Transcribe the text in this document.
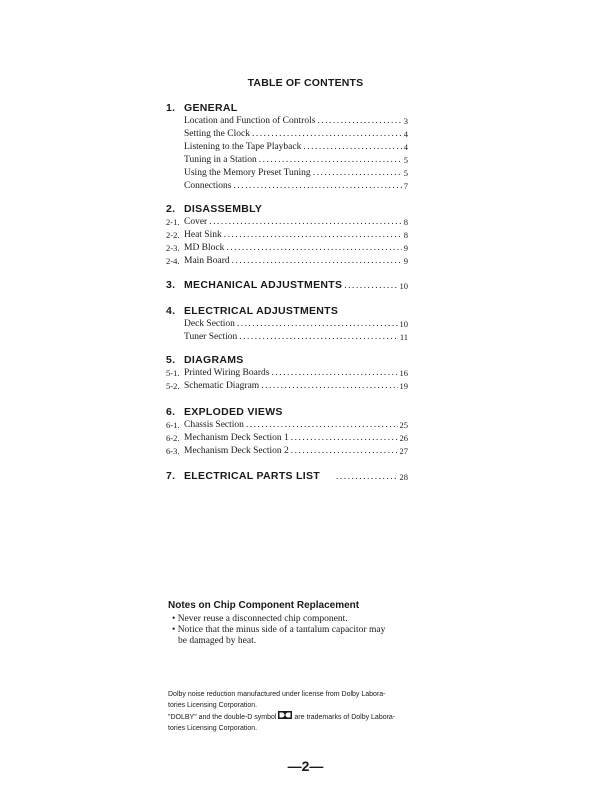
TABLE OF CONTENTS
1. GENERAL
Location and Function of Controls .....	3
Setting the Clock .....	4
Listening to the Tape Playback .....	4
Tuning in a Station .....	5
Using the Memory Preset Tuning .....	5
Connections .....	7
2. DISASSEMBLY
2-1. Cover .....	8
2-2. Heat Sink .....	8
2-3. MD Block .....	9
2-4. Main Board .....	9
3. MECHANICAL ADJUSTMENTS .....	10
4. ELECTRICAL ADJUSTMENTS
Deck Section .....	10
Tuner Section .....	11
5. DIAGRAMS
5-1. Printed Wiring Boards .....	16
5-2. Schematic Diagram .....	19
6. EXPLODED VIEWS
6-1. Chassis Section .....	25
6-2. Mechanism Deck Section 1 .....	26
6-3. Mechanism Deck Section 2 .....	27
7. ELECTRICAL PARTS LIST .....	28
Notes on Chip Component Replacement
• Never reuse a disconnected chip component.
• Notice that the minus side of a tantalum capacitor may
be damaged by heat.
Dolby noise reduction manufactured under license from Dolby Labora-
tories Licensing Corporation.
"DOLBY" and the double-D symbol	are trademarks of Dolby Labora-
tories Licensing Corporation.
—2—
